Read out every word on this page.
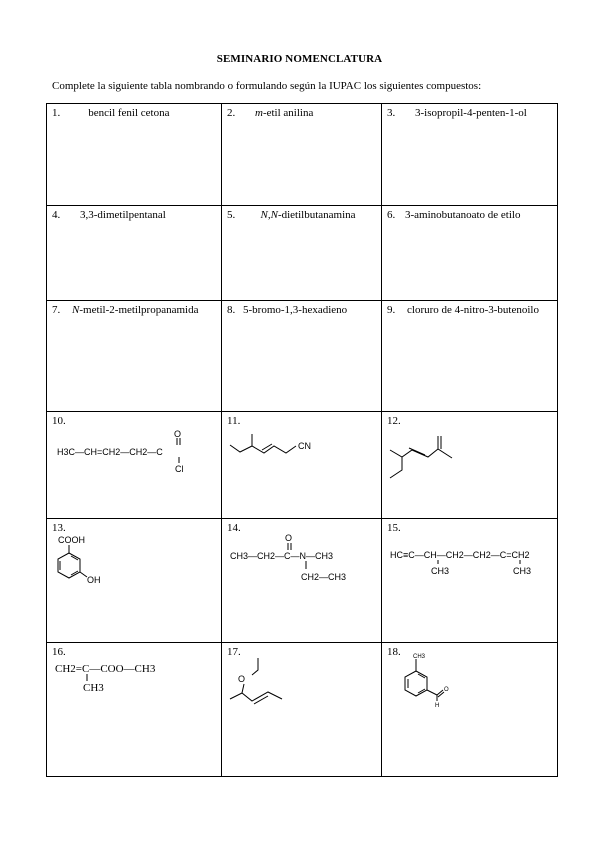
SEMINARIO NOMENCLATURA
Complete la siguiente tabla nombrando o formulando según la IUPAC los siguientes compuestos:
1. bencil fenil cetona	2. m-etil anilina	3. 3-isopropil-4-penten-1-ol

4. 3,3-dimetilpentanal	5. N,N-dietilbutanamina	6. 3-aminobutanoato de etilo

7. N-metil-2-metilpropanamida	8. 5-bromo-1,3-hexadieno	9. cloruro de 4-nitro-3-butenoilo

10.
H3C—CH=CH2—CH2—C
O
Cl	11.
CN	12.

13.
COOH
OH	14.
CH3—CH2—C—N—CH3
O
CH2—CH3	15.
HC≡C—CH—CH2—CH2—C=CH2
CH3 CH3

16.
CH2=C—COO—CH3
CH3	17.
O	18. CH3
O
H
